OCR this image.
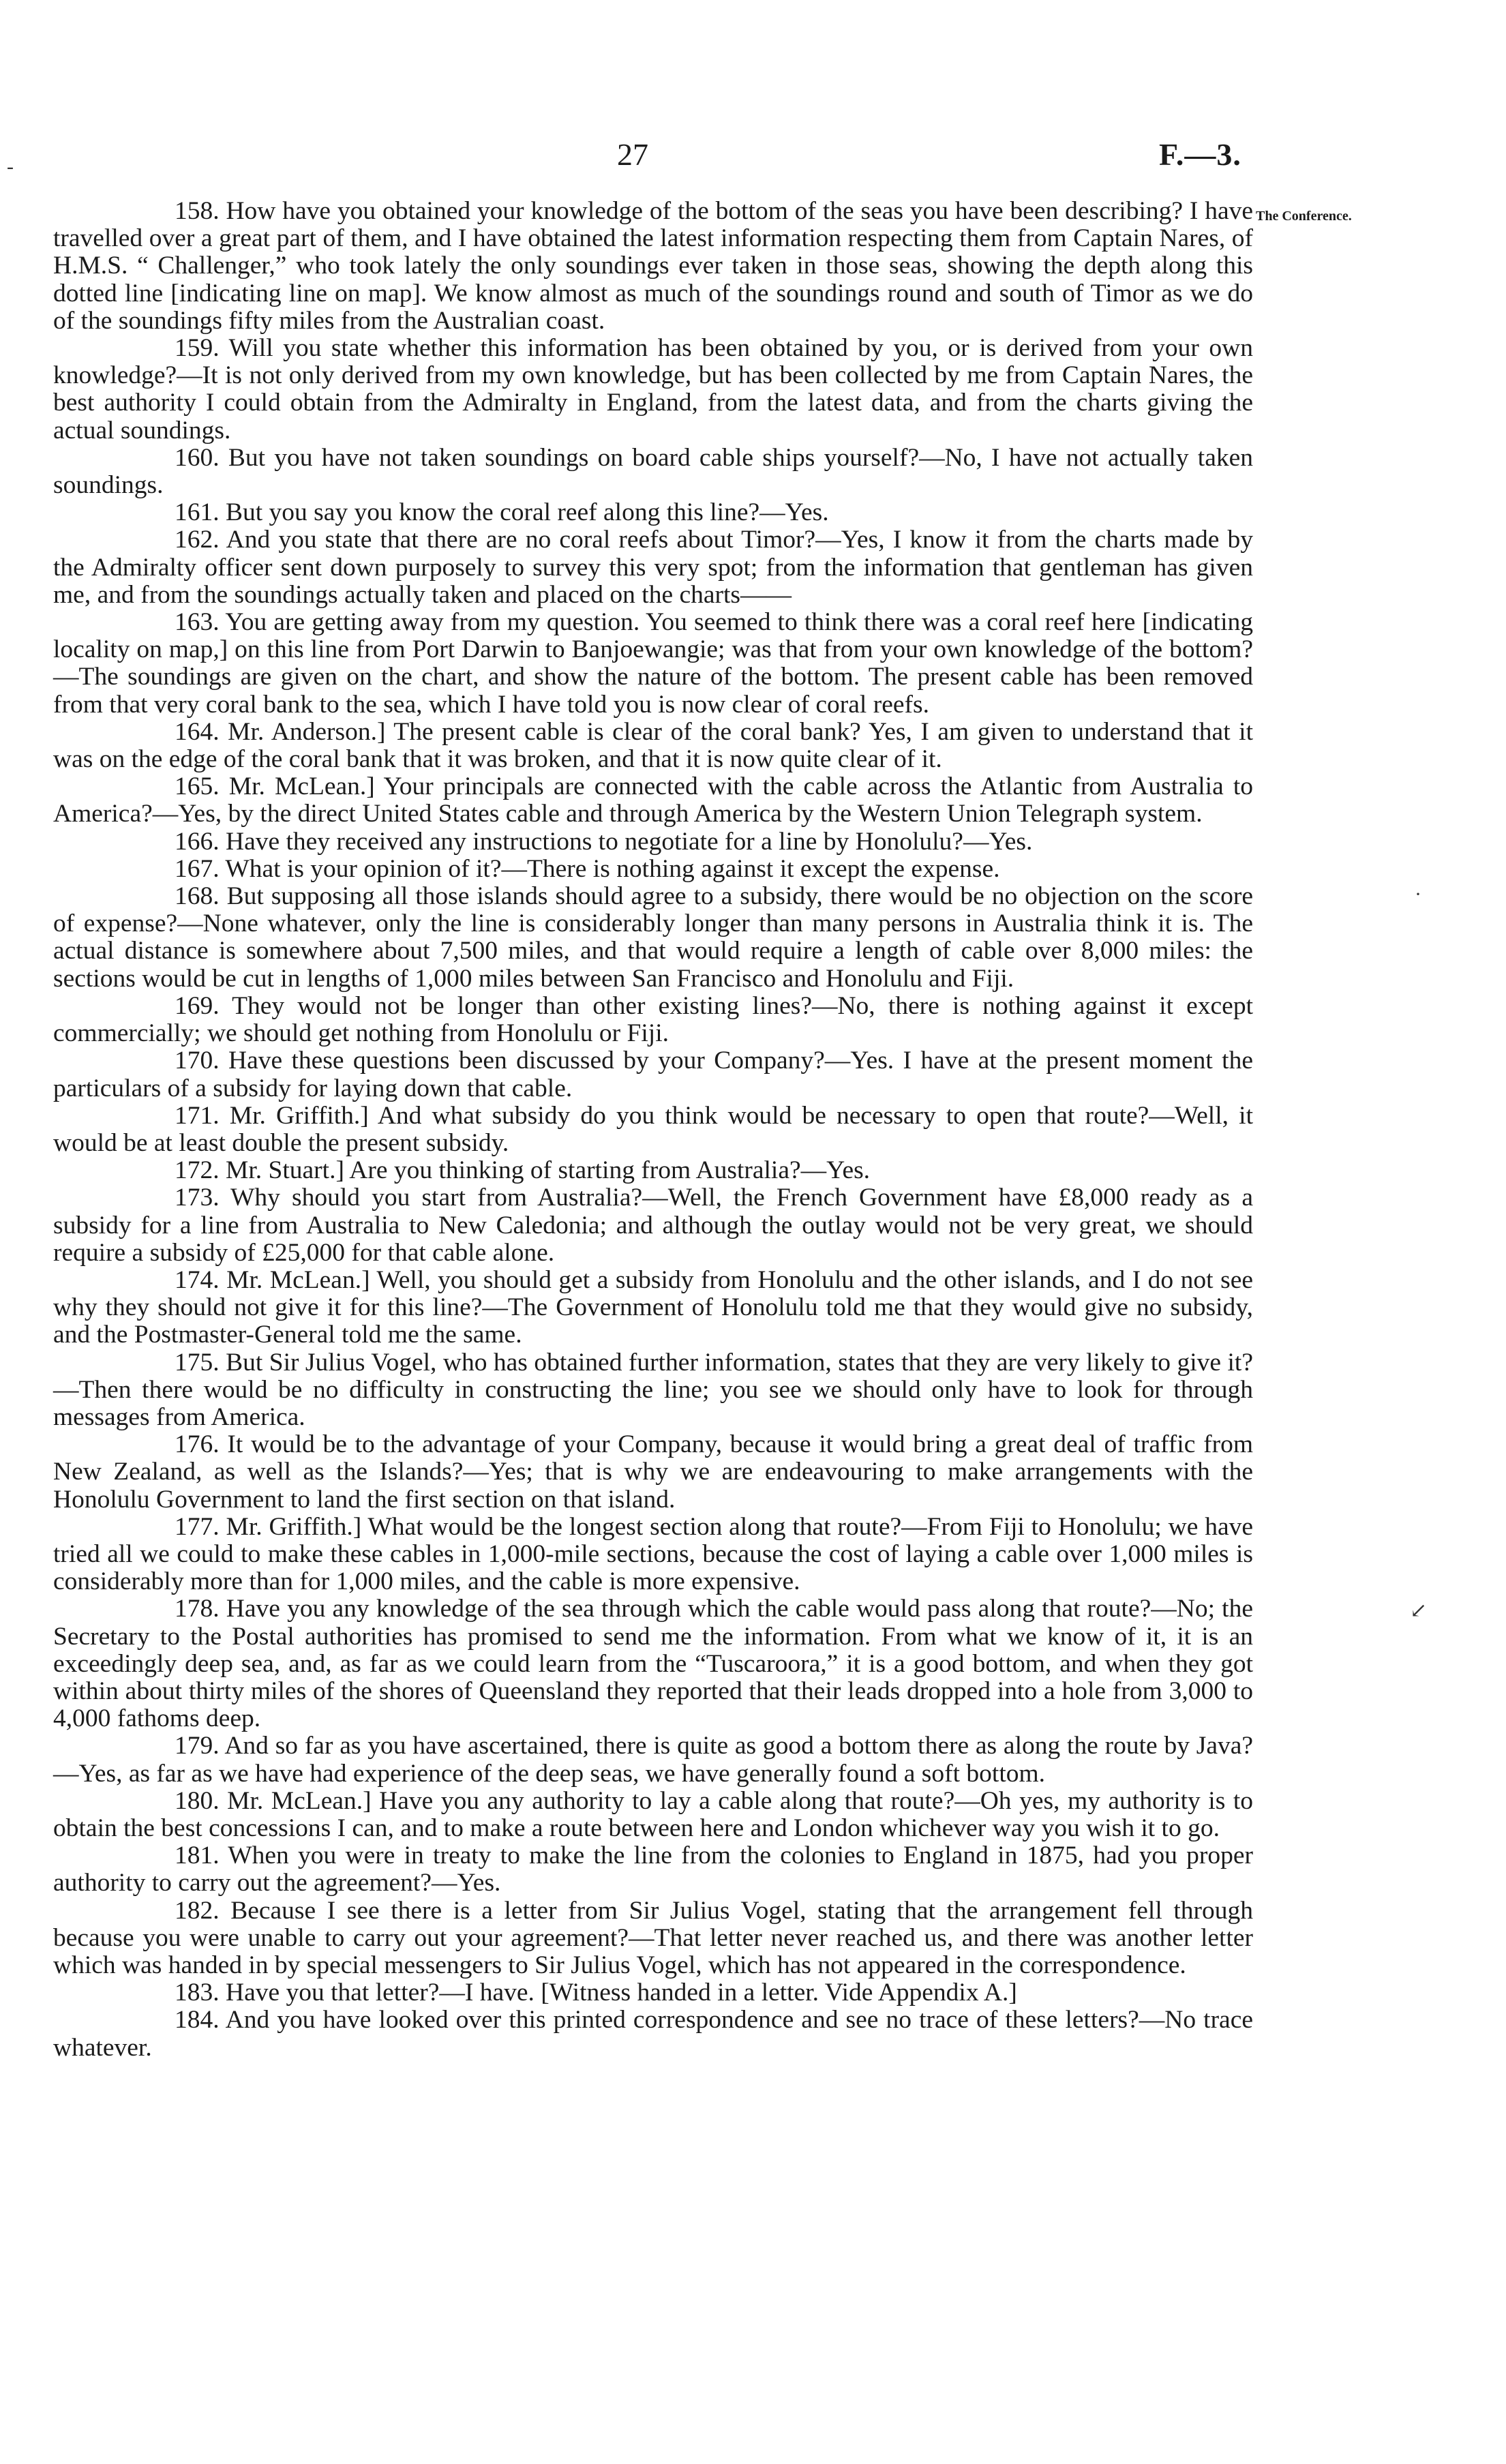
27	F.—3.
The Conference.
-
·
↙

158. How have you obtained your knowledge of the bottom of the seas you have been describing? I have travelled over a great part of them, and I have obtained the latest information respecting them from Captain Nares, of H.M.S. “ Challenger,” who took lately the only soundings ever taken in those seas, showing the depth along this dotted line [indicating line on map]. We know almost as much of the soundings round and south of Timor as we do of the soundings fifty miles from the Australian coast.

159. Will you state whether this information has been obtained by you, or is derived from your own knowledge?—It is not only derived from my own knowledge, but has been collected by me from Captain Nares, the best authority I could obtain from the Admiralty in England, from the latest data, and from the charts giving the actual soundings.

160. But you have not taken soundings on board cable ships yourself?—No, I have not actually taken soundings.

161. But you say you know the coral reef along this line?—Yes.

162. And you state that there are no coral reefs about Timor?—Yes, I know it from the charts made by the Admiralty officer sent down purposely to survey this very spot; from the information that gentleman has given me, and from the soundings actually taken and placed on the charts——

163. You are getting away from my question. You seemed to think there was a coral reef here [indicating locality on map,] on this line from Port Darwin to Banjoewangie; was that from your own knowledge of the bottom?—The soundings are given on the chart, and show the nature of the bottom. The present cable has been removed from that very coral bank to the sea, which I have told you is now clear of coral reefs.

164. Mr. Anderson.] The present cable is clear of the coral bank? Yes, I am given to understand that it was on the edge of the coral bank that it was broken, and that it is now quite clear of it.

165. Mr. McLean.] Your principals are connected with the cable across the Atlantic from Australia to America?—Yes, by the direct United States cable and through America by the Western Union Telegraph system.

166. Have they received any instructions to negotiate for a line by Honolulu?—Yes.

167. What is your opinion of it?—There is nothing against it except the expense.

168. But supposing all those islands should agree to a subsidy, there would be no objection on the score of expense?—None whatever, only the line is considerably longer than many persons in Australia think it is. The actual distance is somewhere about 7,500 miles, and that would require a length of cable over 8,000 miles: the sections would be cut in lengths of 1,000 miles between San Francisco and Honolulu and Fiji.

169. They would not be longer than other existing lines?—No, there is nothing against it except commercially; we should get nothing from Honolulu or Fiji.

170. Have these questions been discussed by your Company?—Yes. I have at the present moment the particulars of a subsidy for laying down that cable.

171. Mr. Griffith.] And what subsidy do you think would be necessary to open that route?—Well, it would be at least double the present subsidy.

172. Mr. Stuart.] Are you thinking of starting from Australia?—Yes.

173. Why should you start from Australia?—Well, the French Government have £8,000 ready as a subsidy for a line from Australia to New Caledonia; and although the outlay would not be very great, we should require a subsidy of £25,000 for that cable alone.

174. Mr. McLean.] Well, you should get a subsidy from Honolulu and the other islands, and I do not see why they should not give it for this line?—The Government of Honolulu told me that they would give no subsidy, and the Postmaster-General told me the same.

175. But Sir Julius Vogel, who has obtained further information, states that they are very likely to give it?—Then there would be no difficulty in constructing the line; you see we should only have to look for through messages from America.

176. It would be to the advantage of your Company, because it would bring a great deal of traffic from New Zealand, as well as the Islands?—Yes; that is why we are endeavouring to make arrangements with the Honolulu Government to land the first section on that island.

177. Mr. Griffith.] What would be the longest section along that route?—From Fiji to Honolulu; we have tried all we could to make these cables in 1,000-mile sections, because the cost of laying a cable over 1,000 miles is considerably more than for 1,000 miles, and the cable is more expensive.

178. Have you any knowledge of the sea through which the cable would pass along that route?—No; the Secretary to the Postal authorities has promised to send me the information. From what we know of it, it is an exceedingly deep sea, and, as far as we could learn from the “Tuscaroora,” it is a good bottom, and when they got within about thirty miles of the shores of Queensland they reported that their leads dropped into a hole from 3,000 to 4,000 fathoms deep.

179. And so far as you have ascertained, there is quite as good a bottom there as along the route by Java?—Yes, as far as we have had experience of the deep seas, we have generally found a soft bottom.

180. Mr. McLean.] Have you any authority to lay a cable along that route?—Oh yes, my authority is to obtain the best concessions I can, and to make a route between here and London whichever way you wish it to go.

181. When you were in treaty to make the line from the colonies to England in 1875, had you proper authority to carry out the agreement?—Yes.

182. Because I see there is a letter from Sir Julius Vogel, stating that the arrangement fell through because you were unable to carry out your agreement?—That letter never reached us, and there was another letter which was handed in by special messengers to Sir Julius Vogel, which has not appeared in the correspondence.

183. Have you that letter?—I have. [Witness handed in a letter. Vide Appendix A.]

184. And you have looked over this printed correspondence and see no trace of these letters?—No trace whatever.
